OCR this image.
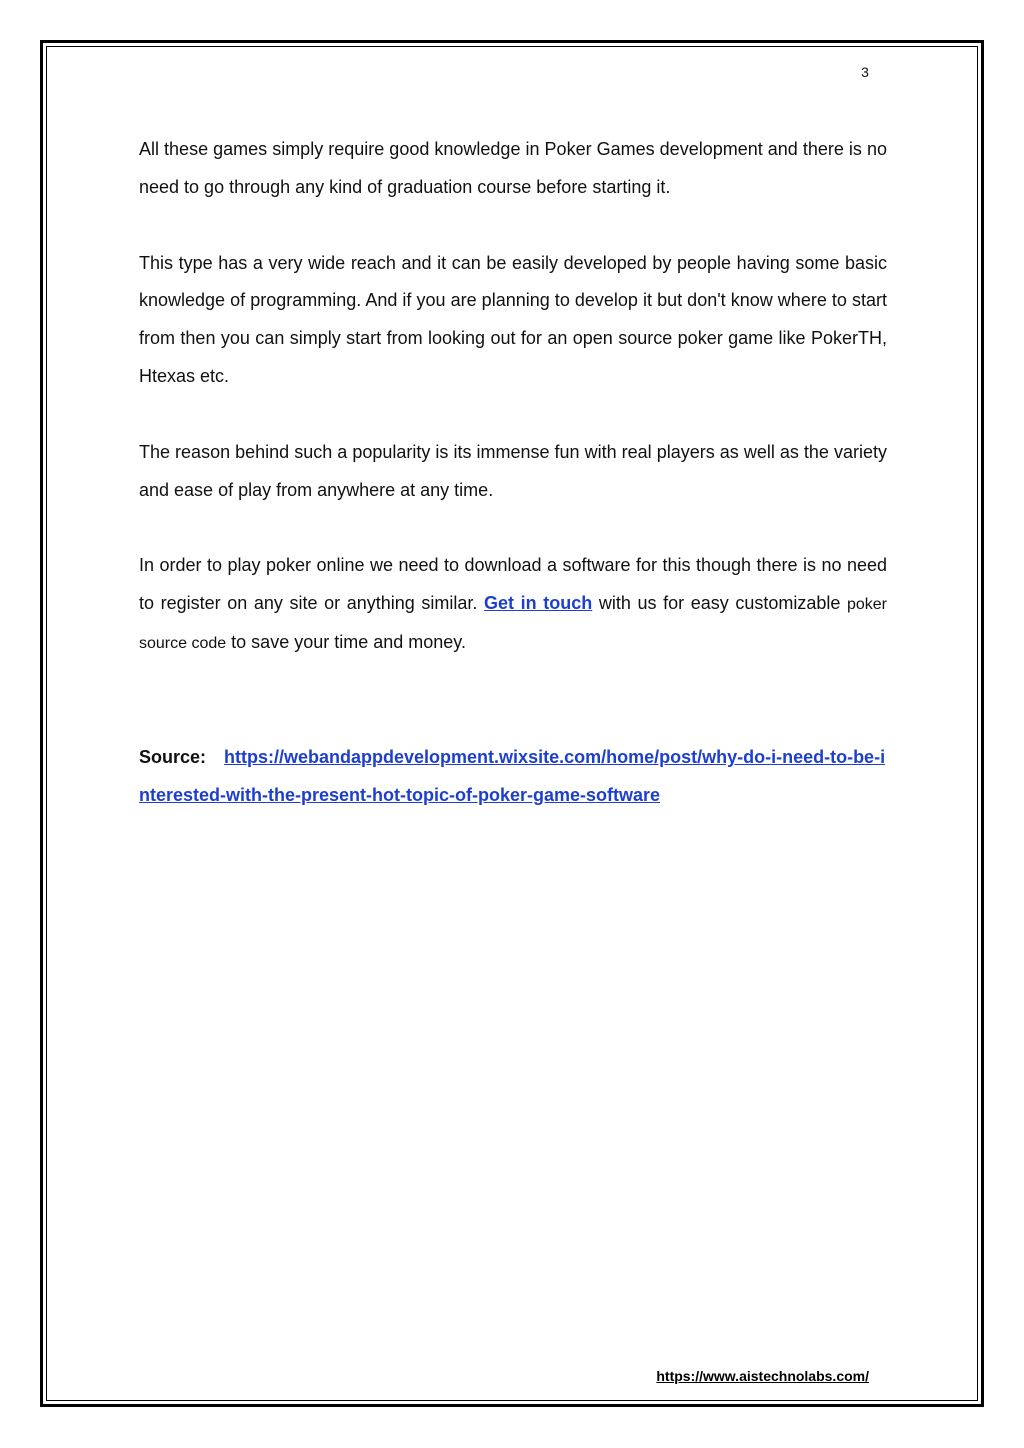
3

All these games simply require good knowledge in Poker Games development and there is no need to go through any kind of graduation course before starting it.

This type has a very wide reach and it can be easily developed by people having some basic knowledge of programming. And if you are planning to develop it but don't know where to start from then you can simply start from looking out for an open source poker game like PokerTH, Htexas etc.

The reason behind such a popularity is its immense fun with real players as well as the variety and ease of play from anywhere at any time.

In order to play poker online we need to download a software for this though there is no need to register on any site or anything similar. Get in touch with us for easy customizable poker source code to save your time and money.

Source: https://webandappdevelopment.wixsite.com/home/post/why-do-i-need-to-be-interested-with-the-present-hot-topic-of-poker-game-software
https://www.aistechnolabs.com/
